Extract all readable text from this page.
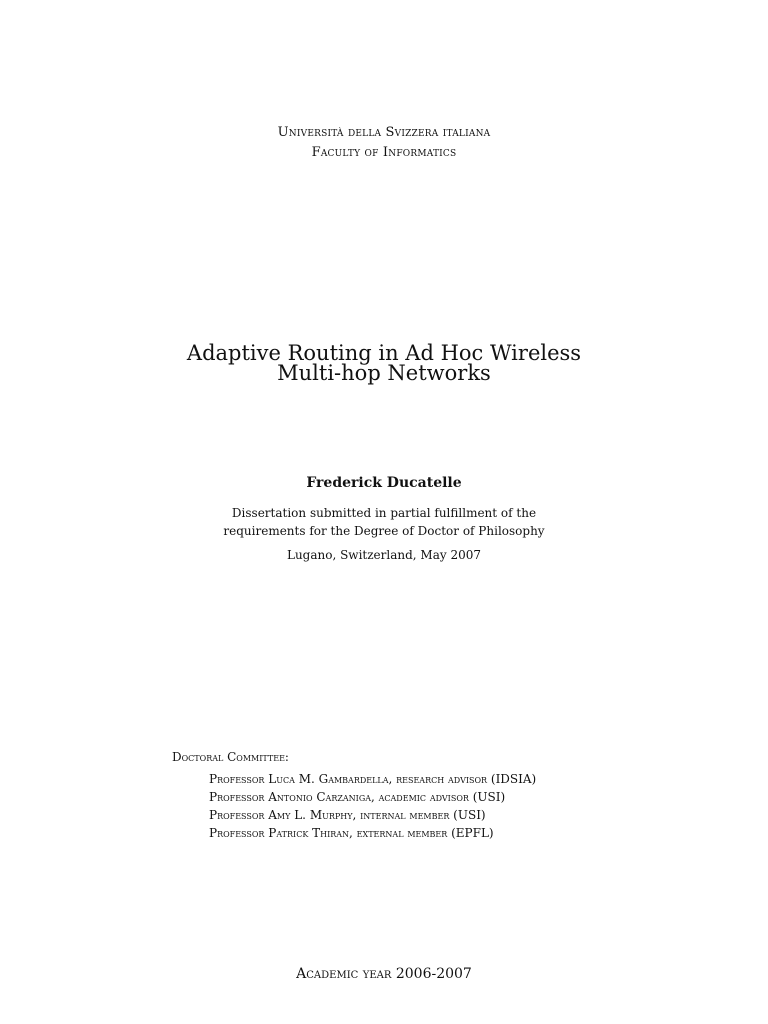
Università della Svizzera italiana
Faculty of Informatics
Adaptive Routing in Ad Hoc Wireless
Multi-hop Networks
Frederick Ducatelle
Dissertation submitted in partial fulfillment of the
requirements for the Degree of Doctor of Philosophy
Lugano, Switzerland, May 2007
Doctoral Committee:
Professor Luca M. Gambardella, research advisor (IDSIA)
Professor Antonio Carzaniga, academic advisor (USI)
Professor Amy L. Murphy, internal member (USI)
Professor Patrick Thiran, external member (EPFL)
Academic year 2006-2007
